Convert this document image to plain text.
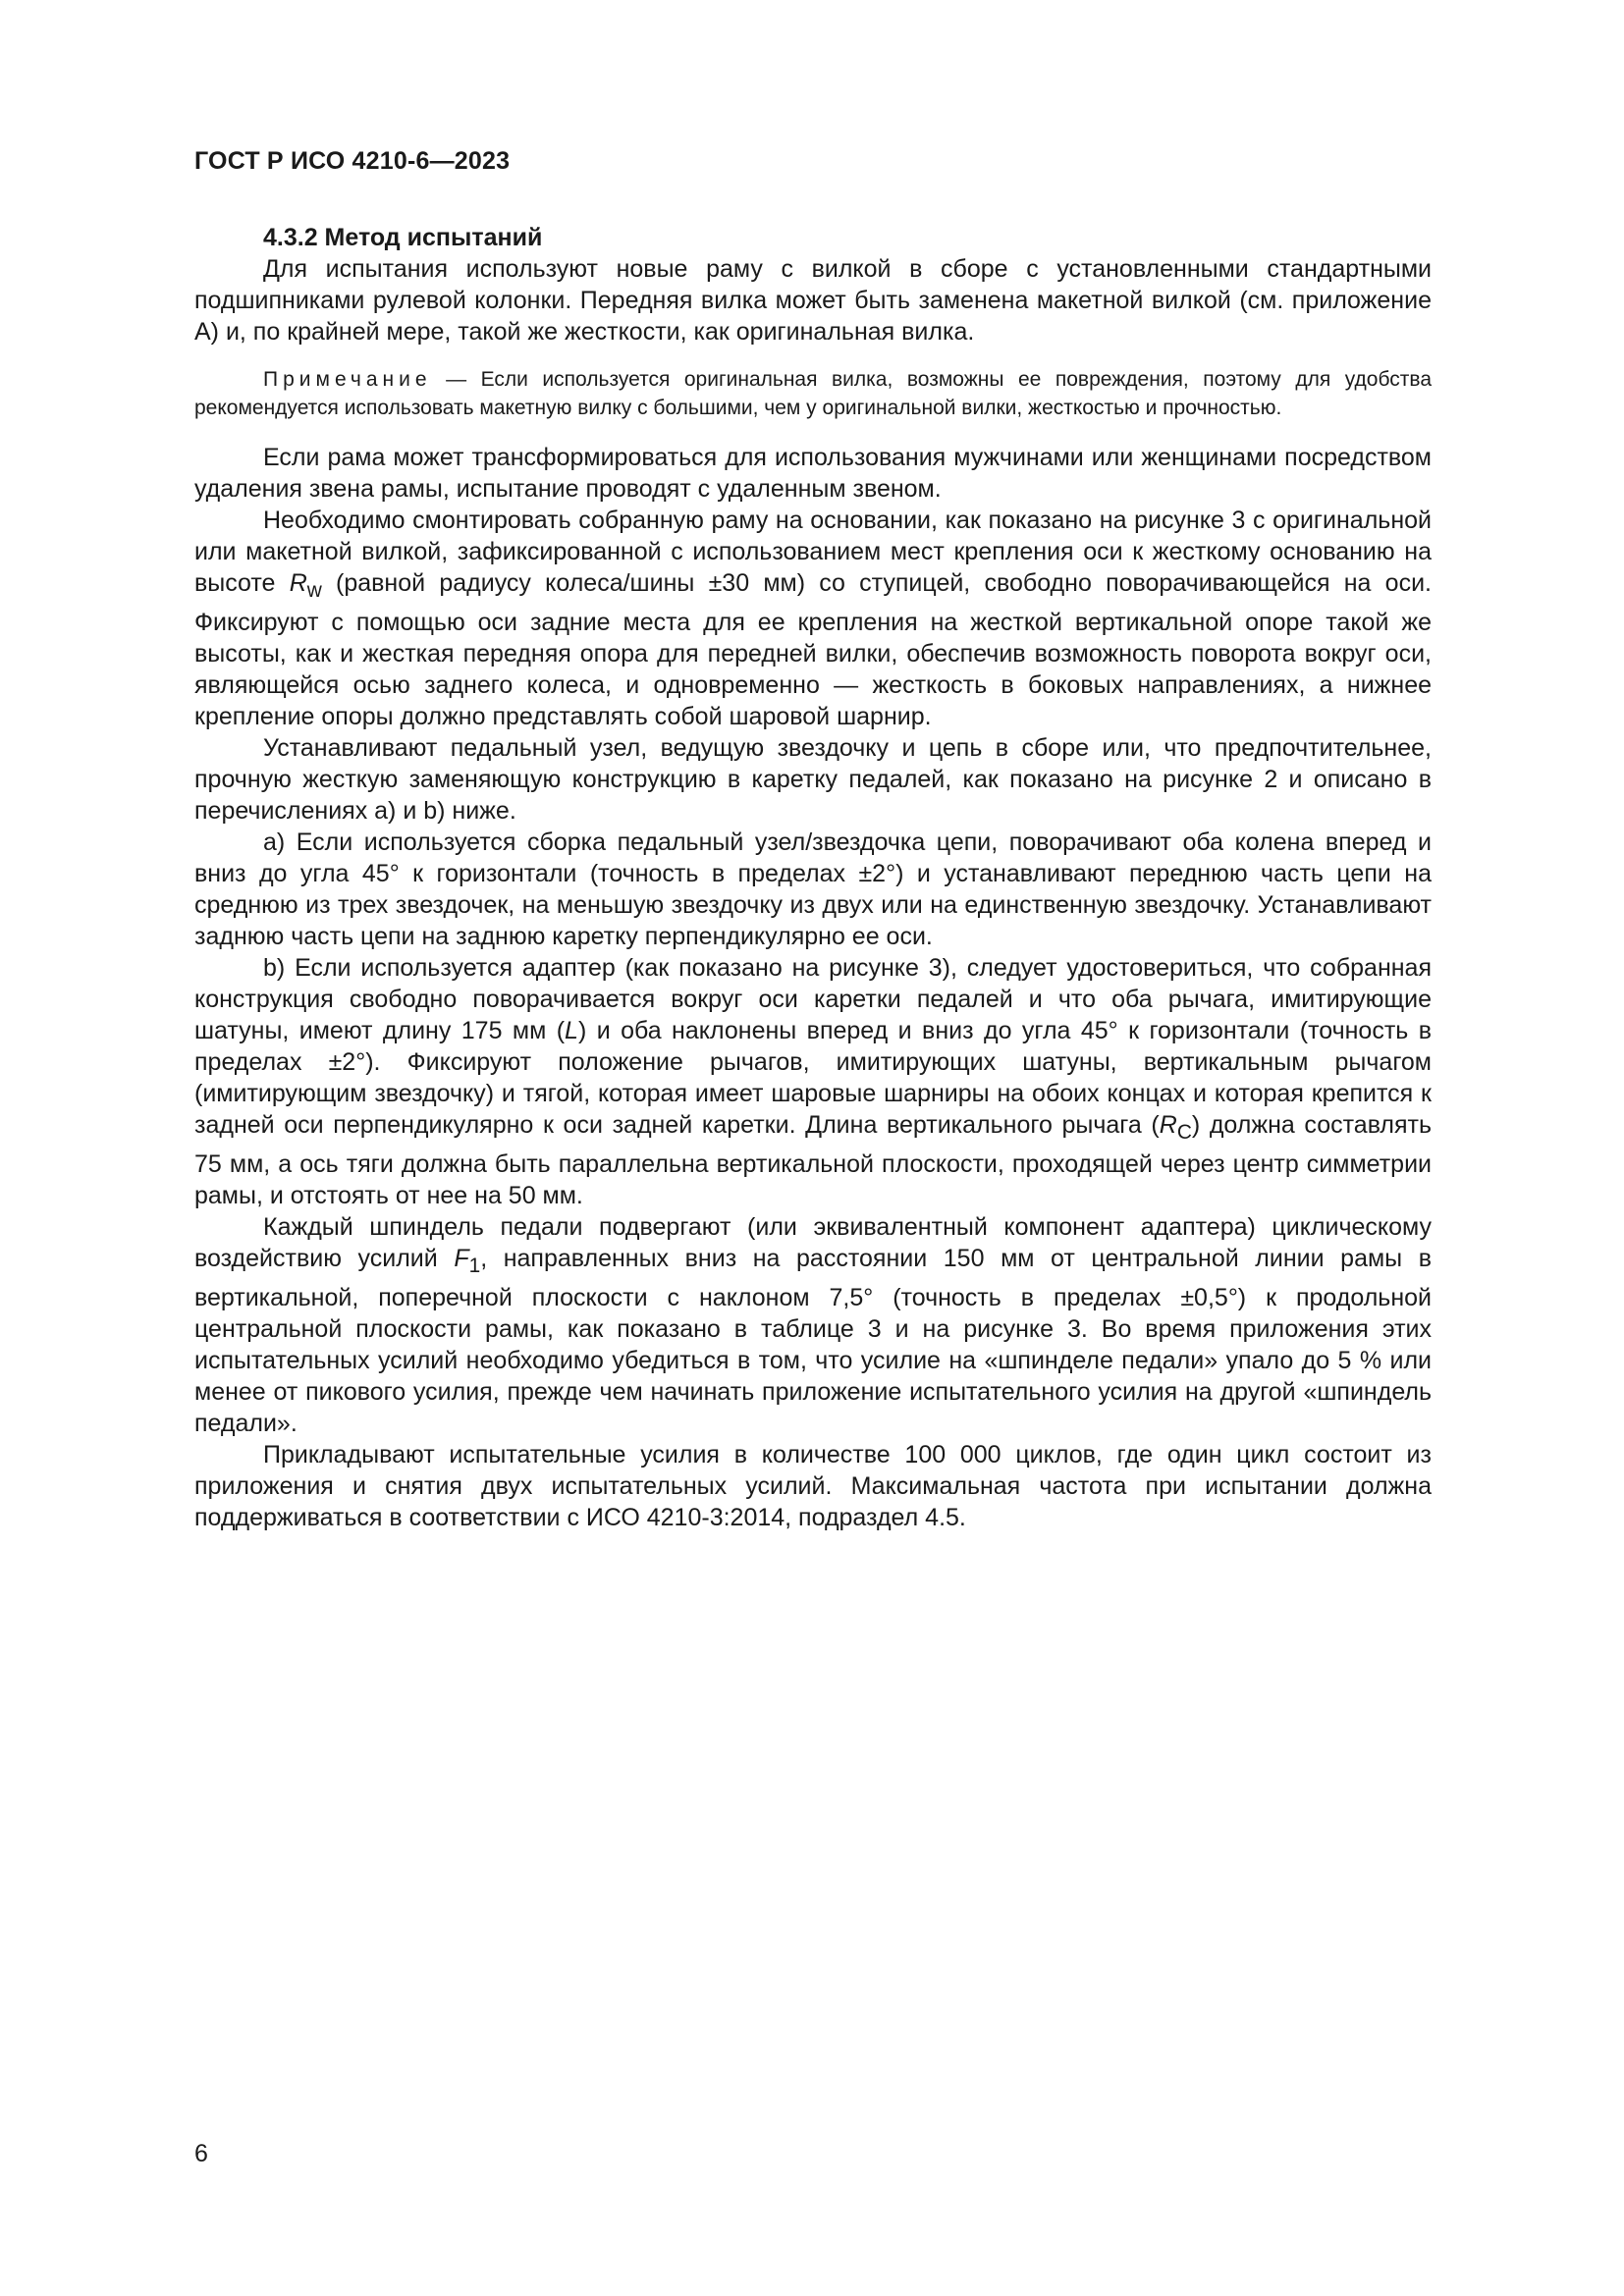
ГОСТ Р ИСО 4210-6—2023

4.3.2 Метод испытаний

Для испытания используют новые раму с вилкой в сборе с установленными стандартными подшипниками рулевой колонки. Передняя вилка может быть заменена макетной вилкой (см. приложение А) и, по крайней мере, такой же жесткости, как оригинальная вилка.

Примечание — Если используется оригинальная вилка, возможны ее повреждения, поэтому для удобства рекомендуется использовать макетную вилку с большими, чем у оригинальной вилки, жесткостью и прочностью.

Если рама может трансформироваться для использования мужчинами или женщинами посредством удаления звена рамы, испытание проводят с удаленным звеном.

Необходимо смонтировать собранную раму на основании, как показано на рисунке 3 с оригинальной или макетной вилкой, зафиксированной с использованием мест крепления оси к жесткому основанию на высоте $R_w$ (равной радиусу колеса/шины ±30 мм) со ступицей, свободно поворачивающейся на оси. Фиксируют с помощью оси задние места для ее крепления на жесткой вертикальной опоре такой же высоты, как и жесткая передняя опора для передней вилки, обеспечив возможность поворота вокруг оси, являющейся осью заднего колеса, и одновременно — жесткость в боковых направлениях, а нижнее крепление опоры должно представлять собой шаровой шарнир.

Устанавливают педальный узел, ведущую звездочку и цепь в сборе или, что предпочтительнее, прочную жесткую заменяющую конструкцию в каретку педалей, как показано на рисунке 2 и описано в перечислениях а) и b) ниже.

а) Если используется сборка педальный узел/звездочка цепи, поворачивают оба колена вперед и вниз до угла 45° к горизонтали (точность в пределах ±2°) и устанавливают переднюю часть цепи на среднюю из трех звездочек, на меньшую звездочку из двух или на единственную звездочку. Устанавливают заднюю часть цепи на заднюю каретку перпендикулярно ее оси.

b) Если используется адаптер (как показано на рисунке 3), следует удостовериться, что собранная конструкция свободно поворачивается вокруг оси каретки педалей и что оба рычага, имитирующие шатуны, имеют длину 175 мм (L) и оба наклонены вперед и вниз до угла 45° к горизонтали (точность в пределах ±2°). Фиксируют положение рычагов, имитирующих шатуны, вертикальным рычагом (имитирующим звездочку) и тягой, которая имеет шаровые шарниры на обоих концах и которая крепится к задней оси перпендикулярно к оси задней каретки. Длина вертикального рычага $(R_C)$ должна составлять 75 мм, а ось тяги должна быть параллельна вертикальной плоскости, проходящей через центр симметрии рамы, и отстоять от нее на 50 мм.

Каждый шпиндель педали подвергают (или эквивалентный компонент адаптера) циклическому воздействию усилий $F_1$, направленных вниз на расстоянии 150 мм от центральной линии рамы в вертикальной, поперечной плоскости с наклоном 7,5° (точность в пределах ±0,5°) к продольной центральной плоскости рамы, как показано в таблице 3 и на рисунке 3. Во время приложения этих испытательных усилий необходимо убедиться в том, что усилие на «шпинделе педали» упало до 5 % или менее от пикового усилия, прежде чем начинать приложение испытательного усилия на другой «шпиндель педали».

Прикладывают испытательные усилия в количестве 100 000 циклов, где один цикл состоит из приложения и снятия двух испытательных усилий. Максимальная частота при испытании должна поддерживаться в соответствии с ИСО 4210-3:2014, подраздел 4.5.

6
